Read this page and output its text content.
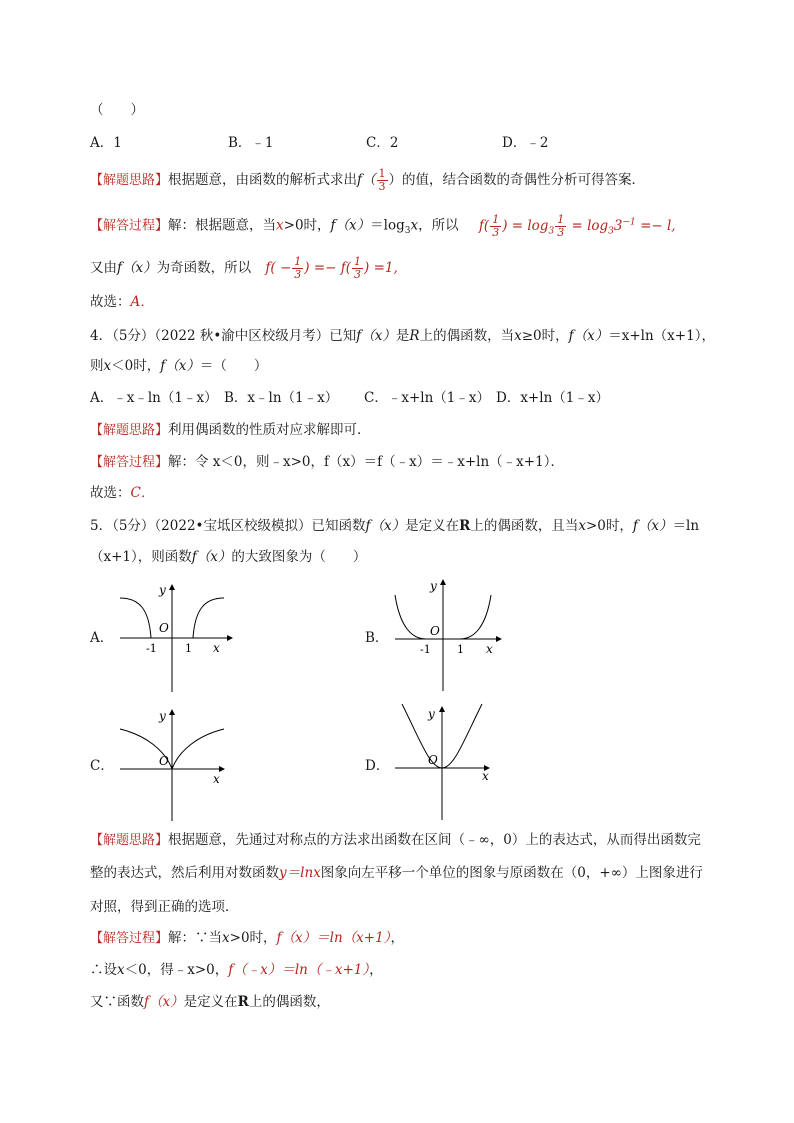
（　　）
A．1	B．﹣1	C．2	D．﹣2
【解题思路】根据题意，由函数的解析式求出$f( \frac{1}{3}$ ）的值，结合函数的奇偶性分析可得答案．
【解答过程】解：根据题意，当x>0时，$f(x)=\log_3x$，所以 $f( \frac{1}{3}$ ) = $\log_3 \frac{1}{3} = \log_33^{-1} =- l$,
又由f（x）为奇函数，所以 $f( - \frac{1}{3}$ ) =− $f( \frac{1}{3}$ ) =1,
故选：A．
4．（5分）（2022 秋•渝中区校级月考）已知f（x）是R上的偶函数，当x≥0时，f（x）＝x+ln（x+1），
则x＜0时，f（x）＝（　　）
A．﹣x﹣ln（1﹣x） B．x﹣ln（1﹣x） C．﹣x+ln（1﹣x） D．x+ln（1﹣x）
【解题思路】利用偶函数的性质对应求解即可．
【解答过程】解：令 x＜0，则﹣x>0，f（x）＝f（﹣x）＝﹣x+ln（﹣x+1）．
故选：C．
5．（5分）（2022•宝坻区校级模拟）已知函数f（x）是定义在R上的偶函数，且当x>0时，f（x）＝ln
（x+1），则函数f（x）的大致图象为（　　）
A．
y
x
O
-1	1
B．
y
x
O
-1 1
C．
y
x
O	D．
y
x
O
【解题思路】根据题意，先通过对称点的方法求出函数在区间（﹣∞，0）上的表达式，从而得出函数完
整的表达式，然后利用对数函数y＝lnx图象向左平移一个单位的图象与原函数在（0，+∞）上图象进行
对照，得到正确的选项．
【解答过程】解：∵当x>0时，f（x）＝ln（x+1），
∴设x＜0，得﹣x>0，f（﹣x）＝ln（﹣x+1），
又∵函数f（x）是定义在R上的偶函数，
